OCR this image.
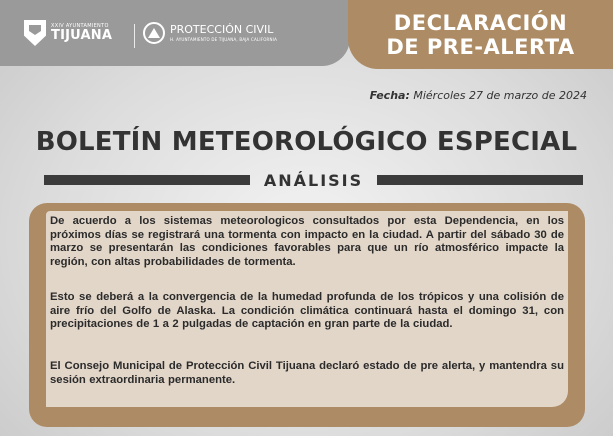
XXIV AYUNTAMIENTO
TIJUANA	PROTECCIÓN CIVIL
H. AYUNTAMIENTO DE TIJUANA, BAJA CALIFORNIA
DECLARACIÓN
DE PRE-ALERTA
Fecha: Miércoles 27 de marzo de 2024
BOLETÍN METEOROLÓGICO ESPECIAL
ANÁLISIS

De acuerdo a los sistemas meteorologicos consultados por esta Dependencia, en los próximos días se registrará una tormenta con impacto en la ciudad. A partir del sábado 30 de marzo se presentarán las condiciones favorables para que un río atmosférico impacte la región, con altas probabilidades de tormenta.

Esto se deberá a la convergencia de la humedad profunda de los trópicos y una colisión de aire frío del Golfo de Alaska. La condición climática continuará hasta el domingo 31, con precipitaciones de 1 a 2 pulgadas de captación en gran parte de la ciudad.

El Consejo Municipal de Protección Civil Tijuana declaró estado de pre alerta, y mantendra su sesión extraordinaria permanente.
